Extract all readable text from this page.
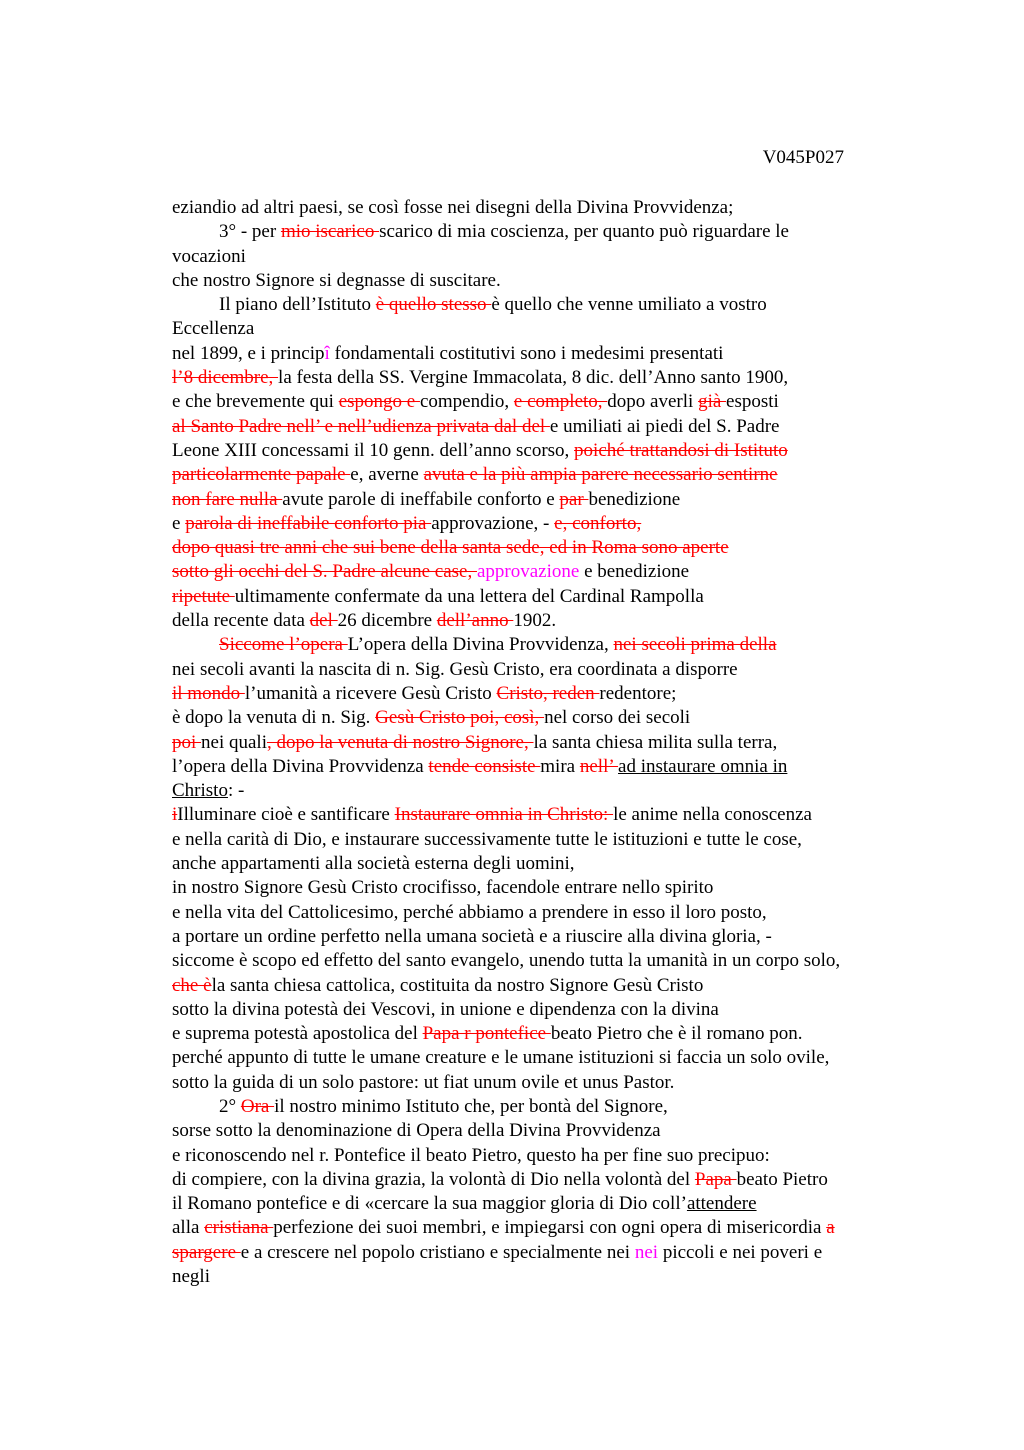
V045P027
eziandio ad altri paesi, se così fosse nei disegni della Divina Provvidenza;
3° - per mio iscarico scarico di mia coscienza, per quanto può riguardare le
vocazioni
che nostro Signore si degnasse di suscitare.
Il piano dell’Istituto è quello stesso è quello che venne umiliato a vostro
Eccellenza
nel 1899, e i principî fondamentali costitutivi sono i medesimi presentati
l’8 dicembre, la festa della SS. Vergine Immacolata, 8 dic. dell’Anno santo 1900,
e che brevemente qui espongo e compendio, e completo, dopo averli già esposti
al Santo Padre nell’ e nell’udienza privata dal del e umiliati ai piedi del S. Padre
Leone XIII concessami il 10 genn. dell’anno scorso, poiché trattandosi di Istituto
particolarmente papale e, averne avuta e la più ampia parere necessario sentirne
non fare nulla avute parole di ineffabile conforto e par benedizione
e parola di ineffabile conforto pia approvazione, - e, conforto,
dopo quasi tre anni che sui bene della santa sede, ed in Roma sono aperte
sotto gli occhi del S. Padre alcune case, approvazione e benedizione
ripetute ultimamente confermate da una lettera del Cardinal Rampolla
della recente data del 26 dicembre dell’anno 1902.
Siccome l’opera L’opera della Divina Provvidenza, nei secoli prima della
nei secoli avanti la nascita di n. Sig. Gesù Cristo, era coordinata a disporre
il mondo l’umanità a ricevere Gesù Cristo Cristo, reden redentore;
è dopo la venuta di n. Sig. Gesù Cristo poi, così, nel corso dei secoli
poi nei quali, dopo la venuta di nostro Signore, la santa chiesa milita sulla terra,
l’opera della Divina Provvidenza tende consiste mira nell’ ad instaurare omnia in
Christo: -
iIlluminare cioè e santificare Instaurare omnia in Christo: le anime nella conoscenza
e nella carità di Dio, e instaurare successivamente tutte le istituzioni e tutte le cose,
anche appartamenti alla società esterna degli uomini,
in nostro Signore Gesù Cristo crocifisso, facendole entrare nello spirito
e nella vita del Cattolicesimo, perché abbiamo a prendere in esso il loro posto,
a portare un ordine perfetto nella umana società e a riuscire alla divina gloria, -
siccome è scopo ed effetto del santo evangelo, unendo tutta la umanità in un corpo solo,
che èla santa chiesa cattolica, costituita da nostro Signore Gesù Cristo
sotto la divina potestà dei Vescovi, in unione e dipendenza con la divina
e suprema potestà apostolica del Papa r pontefice beato Pietro che è il romano pon.
perché appunto di tutte le umane creature e le umane istituzioni si faccia un solo ovile,
sotto la guida di un solo pastore: ut fiat unum ovile et unus Pastor.
2° Ora il nostro minimo Istituto che, per bontà del Signore,
sorse sotto la denominazione di Opera della Divina Provvidenza
e riconoscendo nel r. Pontefice il beato Pietro, questo ha per fine suo precipuo:
di compiere, con la divina grazia, la volontà di Dio nella volontà del Papa beato Pietro
il Romano pontefice e di «cercare la sua maggior gloria di Dio coll’attendere
alla cristiana perfezione dei suoi membri, e impiegarsi con ogni opera di misericordia a
spargere e a crescere nel popolo cristiano e specialmente nei nei piccoli e nei poveri e
negli
